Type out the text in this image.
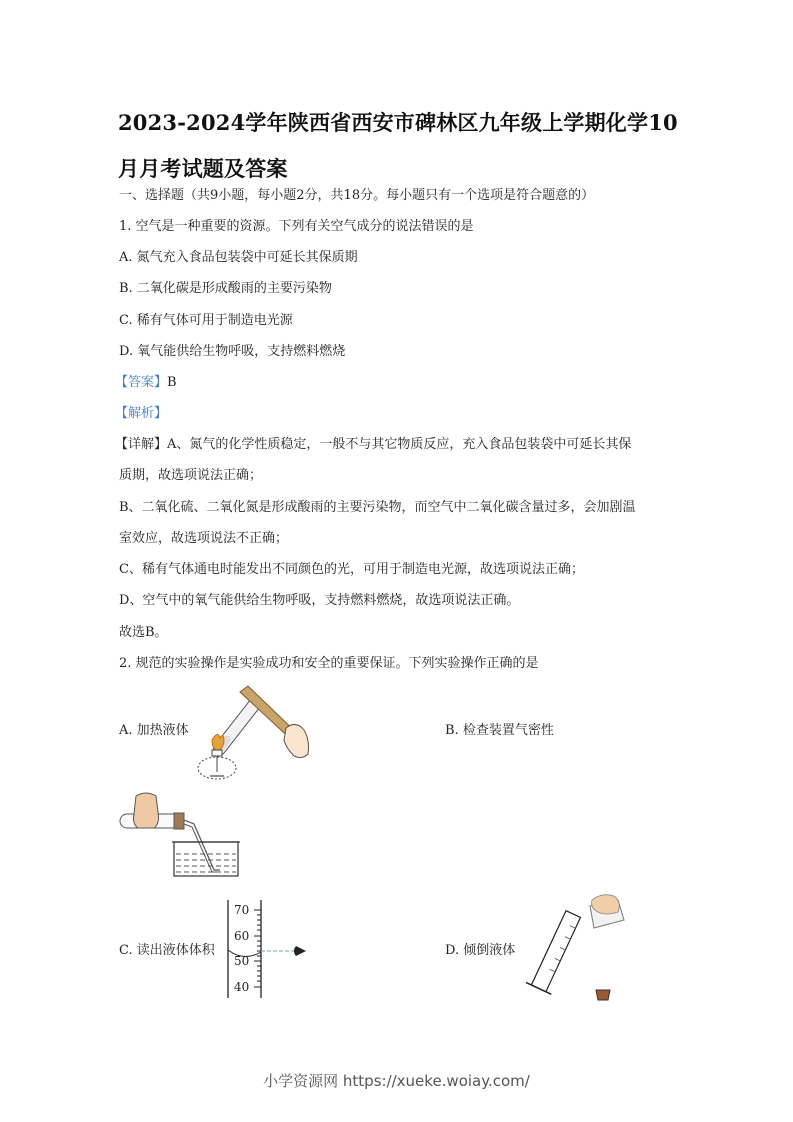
2023-2024学年陕西省西安市碑林区九年级上学期化学10
月月考试题及答案
一、选择题（共9小题，每小题2分，共18分。每小题只有一个选项是符合题意的）
1. 空气是一种重要的资源。下列有关空气成分的说法错误的是
A. 氮气充入食品包装袋中可延长其保质期
B. 二氧化碳是形成酸雨的主要污染物
C. 稀有气体可用于制造电光源
D. 氧气能供给生物呼吸，支持燃料燃烧
【答案】B
【解析】
【详解】A、氮气的化学性质稳定，一般不与其它物质反应，充入食品包装袋中可延长其保
质期，故选项说法正确；
B、二氧化硫、二氧化氮是形成酸雨的主要污染物，而空气中二氧化碳含量过多，会加剧温
室效应，故选项说法不正确；
C、稀有气体通电时能发出不同颜色的光，可用于制造电光源，故选项说法正确；
D、空气中的氧气能供给生物呼吸，支持燃料燃烧，故选项说法正确。
故选B。
2. 规范的实验操作是实验成功和安全的重要保证。下列实验操作正确的是
A. 加热液体	B. 检查装置气密性
C. 读出液体体积
70
60
50
40
D. 倾倒液体
小学资源网 https://xueke.woiay.com/
